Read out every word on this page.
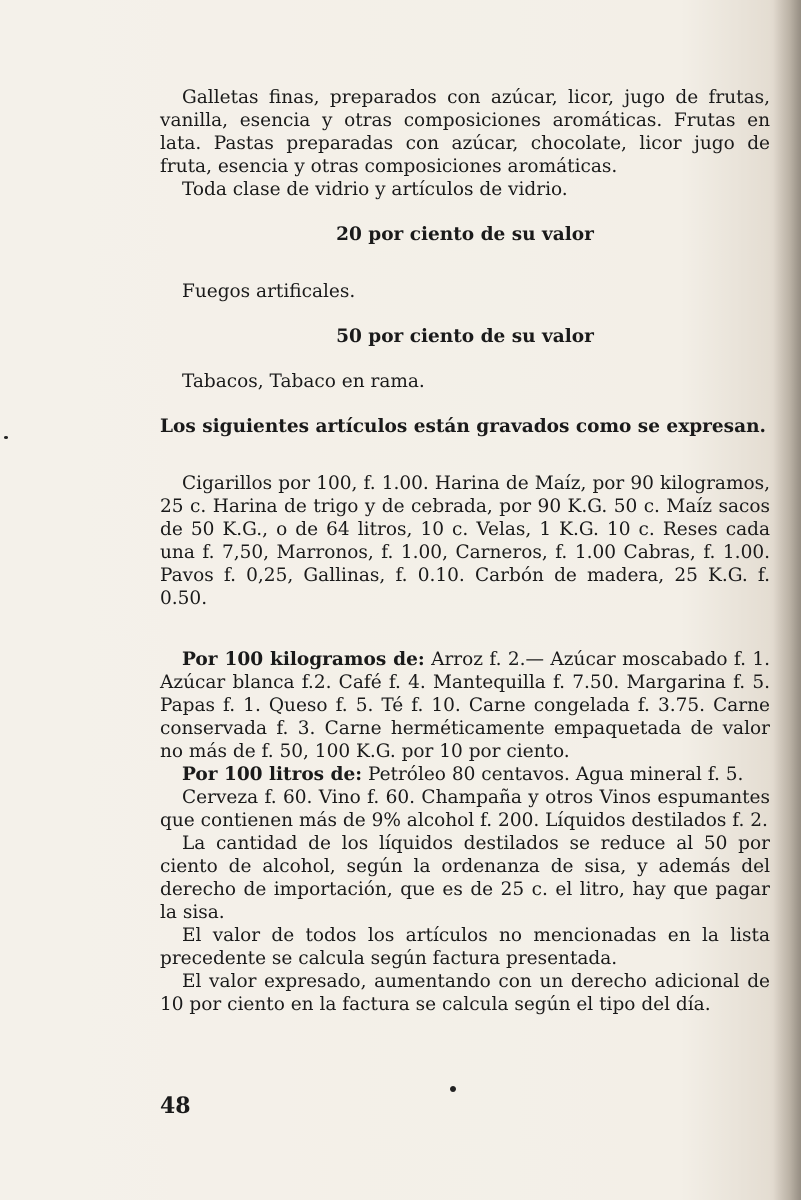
Galletas finas, preparados con azúcar, licor, jugo de frutas, vanilla, esencia y otras composiciones aromáticas. Frutas en lata. Pastas preparadas con azúcar, chocolate, licor jugo de fruta, esencia y otras composiciones aromáticas.

Toda clase de vidrio y artículos de vidrio.

20 por ciento de su valor

Fuegos artificales.

50 por ciento de su valor

Tabacos, Tabaco en rama.

Los siguientes artículos están gravados como se expresan.

Cigarillos por 100, f. 1.00. Harina de Maíz, por 90 kilogramos, 25 c. Harina de trigo y de cebrada, por 90 K.G. 50 c. Maíz sacos de 50 K.G., o de 64 litros, 10 c. Velas, 1 K.G. 10 c. Reses cada una f. 7,50, Marronos, f. 1.00, Carneros, f. 1.00 Cabras, f. 1.00. Pavos f. 0,25, Gallinas, f. 0.10. Carbón de madera, 25 K.G. f. 0.50.

Por 100 kilogramos de: Arroz f. 2.— Azúcar moscabado f. 1. Azúcar blanca f.2. Café f. 4. Mantequilla f. 7.50. Margarina f. 5. Papas f. 1. Queso f. 5. Té f. 10. Carne congelada f. 3.75. Carne conservada f. 3. Carne herméticamente empaquetada de valor no más de f. 50, 100 K.G. por 10 por ciento.

Por 100 litros de: Petróleo 80 centavos. Agua mineral f. 5.

Cerveza f. 60. Vino f. 60. Champaña y otros Vinos espumantes que contienen más de 9% alcohol f. 200. Líquidos destilados f. 2.

La cantidad de los líquidos destilados se reduce al 50 por ciento de alcohol, según la ordenanza de sisa, y además del derecho de importación, que es de 25 c. el litro, hay que pagar la sisa.

El valor de todos los artículos no mencionadas en la lista precedente se calcula según factura presentada.

El valor expresado, aumentando con un derecho adicional de 10 por ciento en la factura se calcula según el tipo del día.

48
